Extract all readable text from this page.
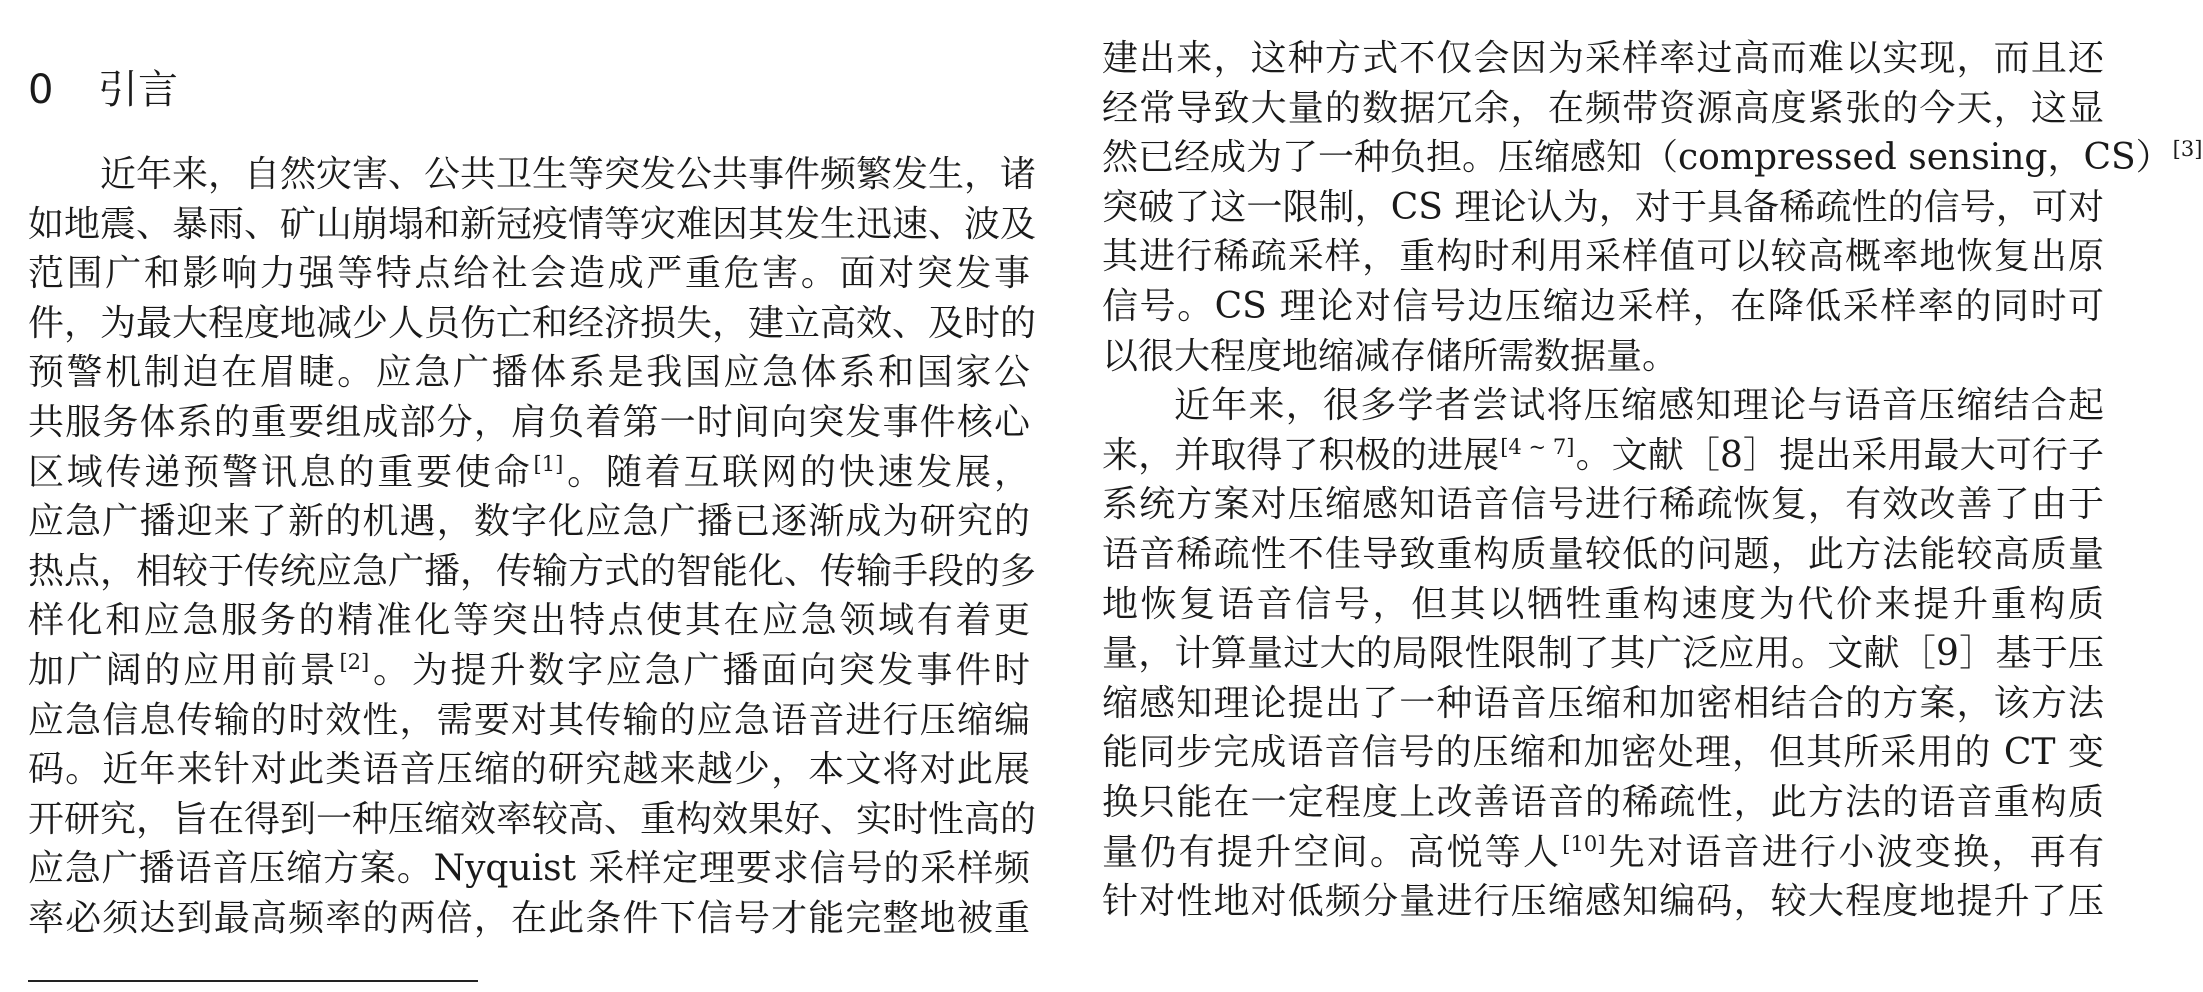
0 引言
近年来，自然灾害、公共卫生等突发公共事件频繁发生，诸
如地震、暴雨、矿山崩塌和新冠疫情等灾难因其发生迅速、波及
范围广和影响力强等特点给社会造成严重危害。面对突发事
件，为最大程度地减少人员伤亡和经济损失，建立高效、及时的
预警机制迫在眉睫。应急广播体系是我国应急体系和国家公
共服务体系的重要组成部分，肩负着第一时间向突发事件核心
区域传递预警讯息的重要使命[1]。随着互联网的快速发展，
应急广播迎来了新的机遇，数字化应急广播已逐渐成为研究的
热点，相较于传统应急广播，传输方式的智能化、传输手段的多
样化和应急服务的精准化等突出特点使其在应急领域有着更
加广阔的应用前景[2]。为提升数字应急广播面向突发事件时
应急信息传输的时效性，需要对其传输的应急语音进行压缩编
码。近年来针对此类语音压缩的研究越来越少，本文将对此展
开研究，旨在得到一种压缩效率较高、重构效果好、实时性高的
应急广播语音压缩方案。Nyquist 采样定理要求信号的采样频
率必须达到最高频率的两倍，在此条件下信号才能完整地被重
建出来，这种方式不仅会因为采样率过高而难以实现，而且还
经常导致大量的数据冗余，在频带资源高度紧张的今天，这显
然已经成为了一种负担。压缩感知（compressed sensing，CS）[3]
突破了这一限制，CS 理论认为，对于具备稀疏性的信号，可对
其进行稀疏采样，重构时利用采样值可以较高概率地恢复出原
信号。CS 理论对信号边压缩边采样，在降低采样率的同时可
以很大程度地缩减存储所需数据量。
近年来，很多学者尝试将压缩感知理论与语音压缩结合起
来，并取得了积极的进展[4 ~ 7]。文献［8］提出采用最大可行子
系统方案对压缩感知语音信号进行稀疏恢复，有效改善了由于
语音稀疏性不佳导致重构质量较低的问题，此方法能较高质量
地恢复语音信号，但其以牺牲重构速度为代价来提升重构质
量，计算量过大的局限性限制了其广泛应用。文献［9］基于压
缩感知理论提出了一种语音压缩和加密相结合的方案，该方法
能同步完成语音信号的压缩和加密处理，但其所采用的 CT 变
换只能在一定程度上改善语音的稀疏性，此方法的语音重构质
量仍有提升空间。高悦等人[10]先对语音进行小波变换，再有
针对性地对低频分量进行压缩感知编码，较大程度地提升了压
